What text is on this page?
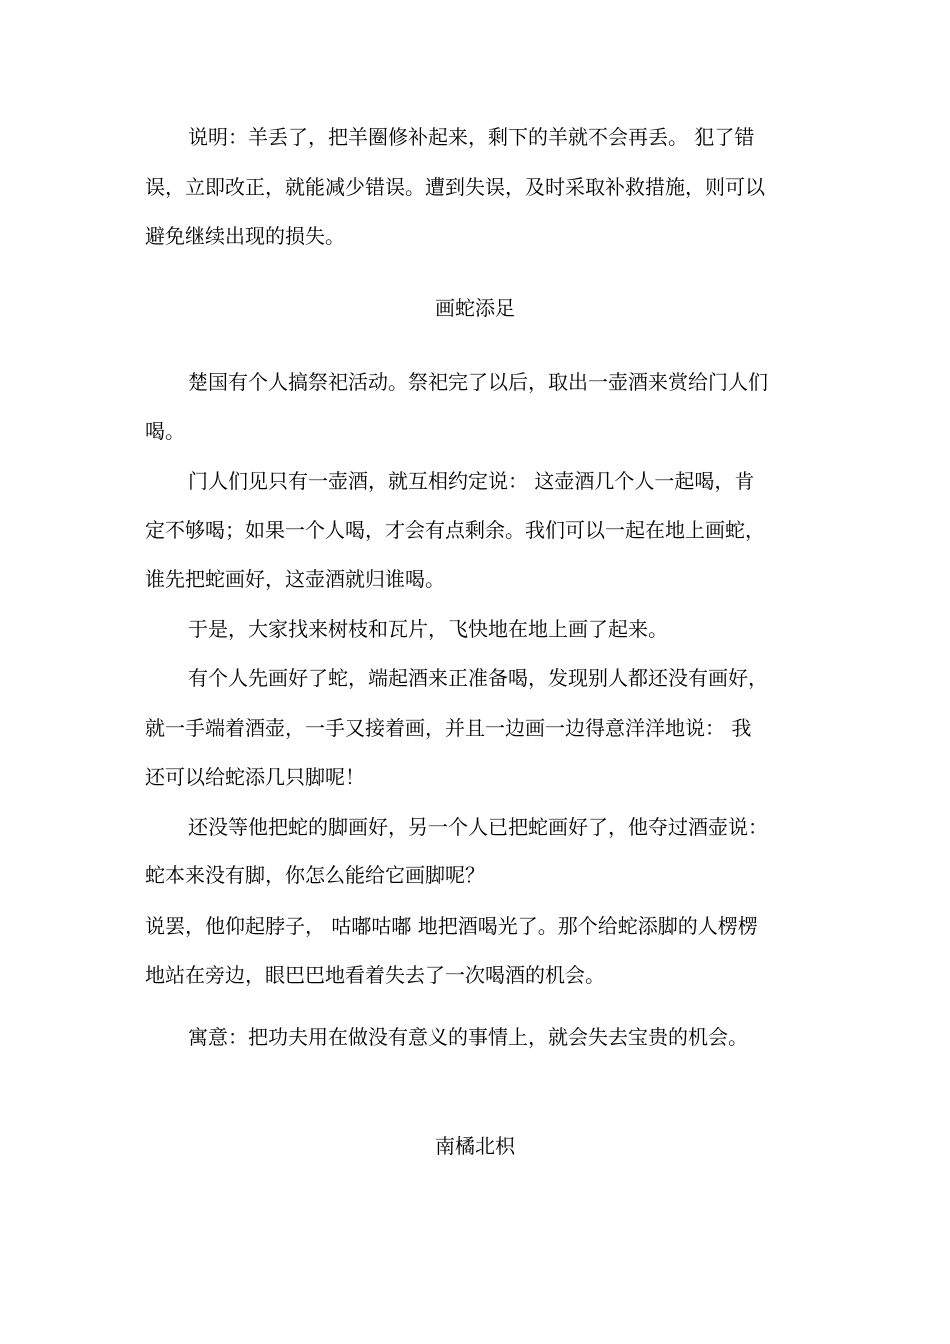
说明：羊丢了，把羊圈修补起来，剩下的羊就不会再丢。 犯了错
误，立即改正，就能减少错误。遭到失误，及时采取补救措施，则可以
避免继续出现的损失。
画蛇添足
楚国有个人搞祭祀活动。祭祀完了以后，取出一壶酒来赏给门人们
喝。
门人们见只有一壶酒，就互相约定说： 这壶酒几个人一起喝，肯
定不够喝；如果一个人喝，才会有点剩余。我们可以一起在地上画蛇，
谁先把蛇画好，这壶酒就归谁喝。
于是，大家找来树枝和瓦片，飞快地在地上画了起来。
有个人先画好了蛇，端起酒来正准备喝，发现别人都还没有画好，
就一手端着酒壶，一手又接着画，并且一边画一边得意洋洋地说： 我
还可以给蛇添几只脚呢！
还没等他把蛇的脚画好，另一个人已把蛇画好了，他夺过酒壶说：
蛇本来没有脚，你怎么能给它画脚呢？
说罢，他仰起脖子， 咕嘟咕嘟 地把酒喝光了。那个给蛇添脚的人楞楞
地站在旁边，眼巴巴地看着失去了一次喝酒的机会。
寓意：把功夫用在做没有意义的事情上，就会失去宝贵的机会。
南橘北枳
